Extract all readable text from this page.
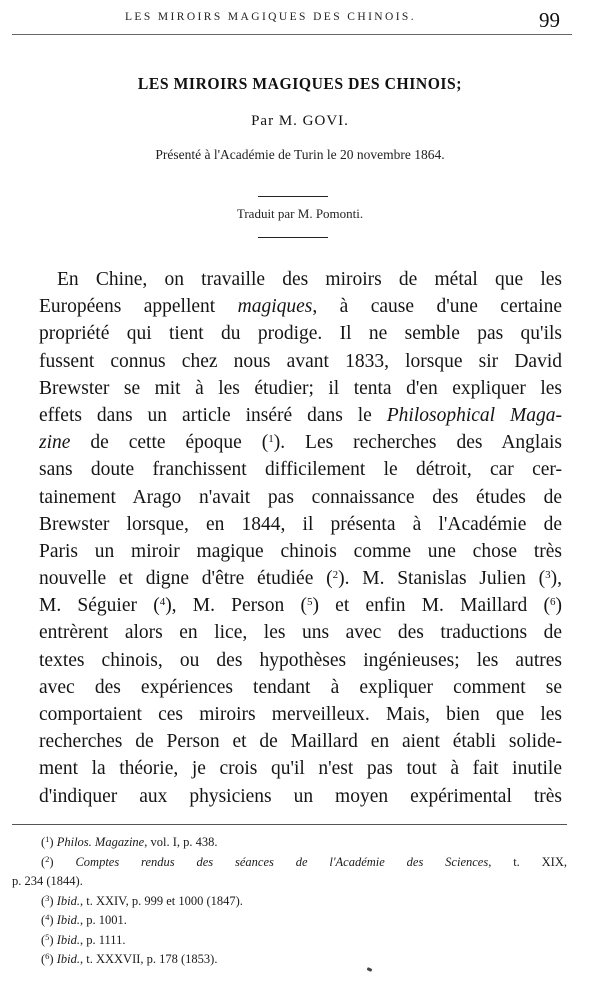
LES MIROIRS MAGIQUES DES CHINOIS.	99
LES MIROIRS MAGIQUES DES CHINOIS;
Par M. GOVI.
Présenté à l'Académie de Turin le 20 novembre 1864.
Traduit par M. Pomonti.
En Chine, on travaille des miroirs de métal que les
Européens appellent magiques, à cause d'une certaine
propriété qui tient du prodige. Il ne semble pas qu'ils
fussent connus chez nous avant 1833, lorsque sir David
Brewster se mit à les étudier; il tenta d'en expliquer les
effets dans un article inséré dans le Philosophical Maga-
zine de cette époque ($^1$). Les recherches des Anglais
sans doute franchissent difficilement le détroit, car cer-
tainement Arago n'avait pas connaissance des études de
Brewster lorsque, en 1844, il présenta à l'Académie de
Paris un miroir magique chinois comme une chose très
nouvelle et digne d'être étudiée ($^2$). M. Stanislas Julien ($^3$),
M. Séguier ($^4$), M. Person ($^5$) et enfin M. Maillard ($^6$)
entrèrent alors en lice, les uns avec des traductions de
textes chinois, ou des hypothèses ingénieuses; les autres
avec des expériences tendant à expliquer comment se
comportaient ces miroirs merveilleux. Mais, bien que les
recherches de Person et de Maillard en aient établi solide-
ment la théorie, je crois qu'il n'est pas tout à fait inutile
d'indiquer aux physiciens un moyen expérimental très
($^1$) Philos. Magazine, vol. I, p. 438.
($^2$) Comptes rendus des séances de l'Académie des Sciences, t. XIX,
p. 234 (1844).
($^3$) Ibid., t. XXIV, p. 999 et 1000 (1847).
($^4$) Ibid., p. 1001.
($^5$) Ibid., p. 1111.
($^6$) Ibid., t. XXXVII, p. 178 (1853).
